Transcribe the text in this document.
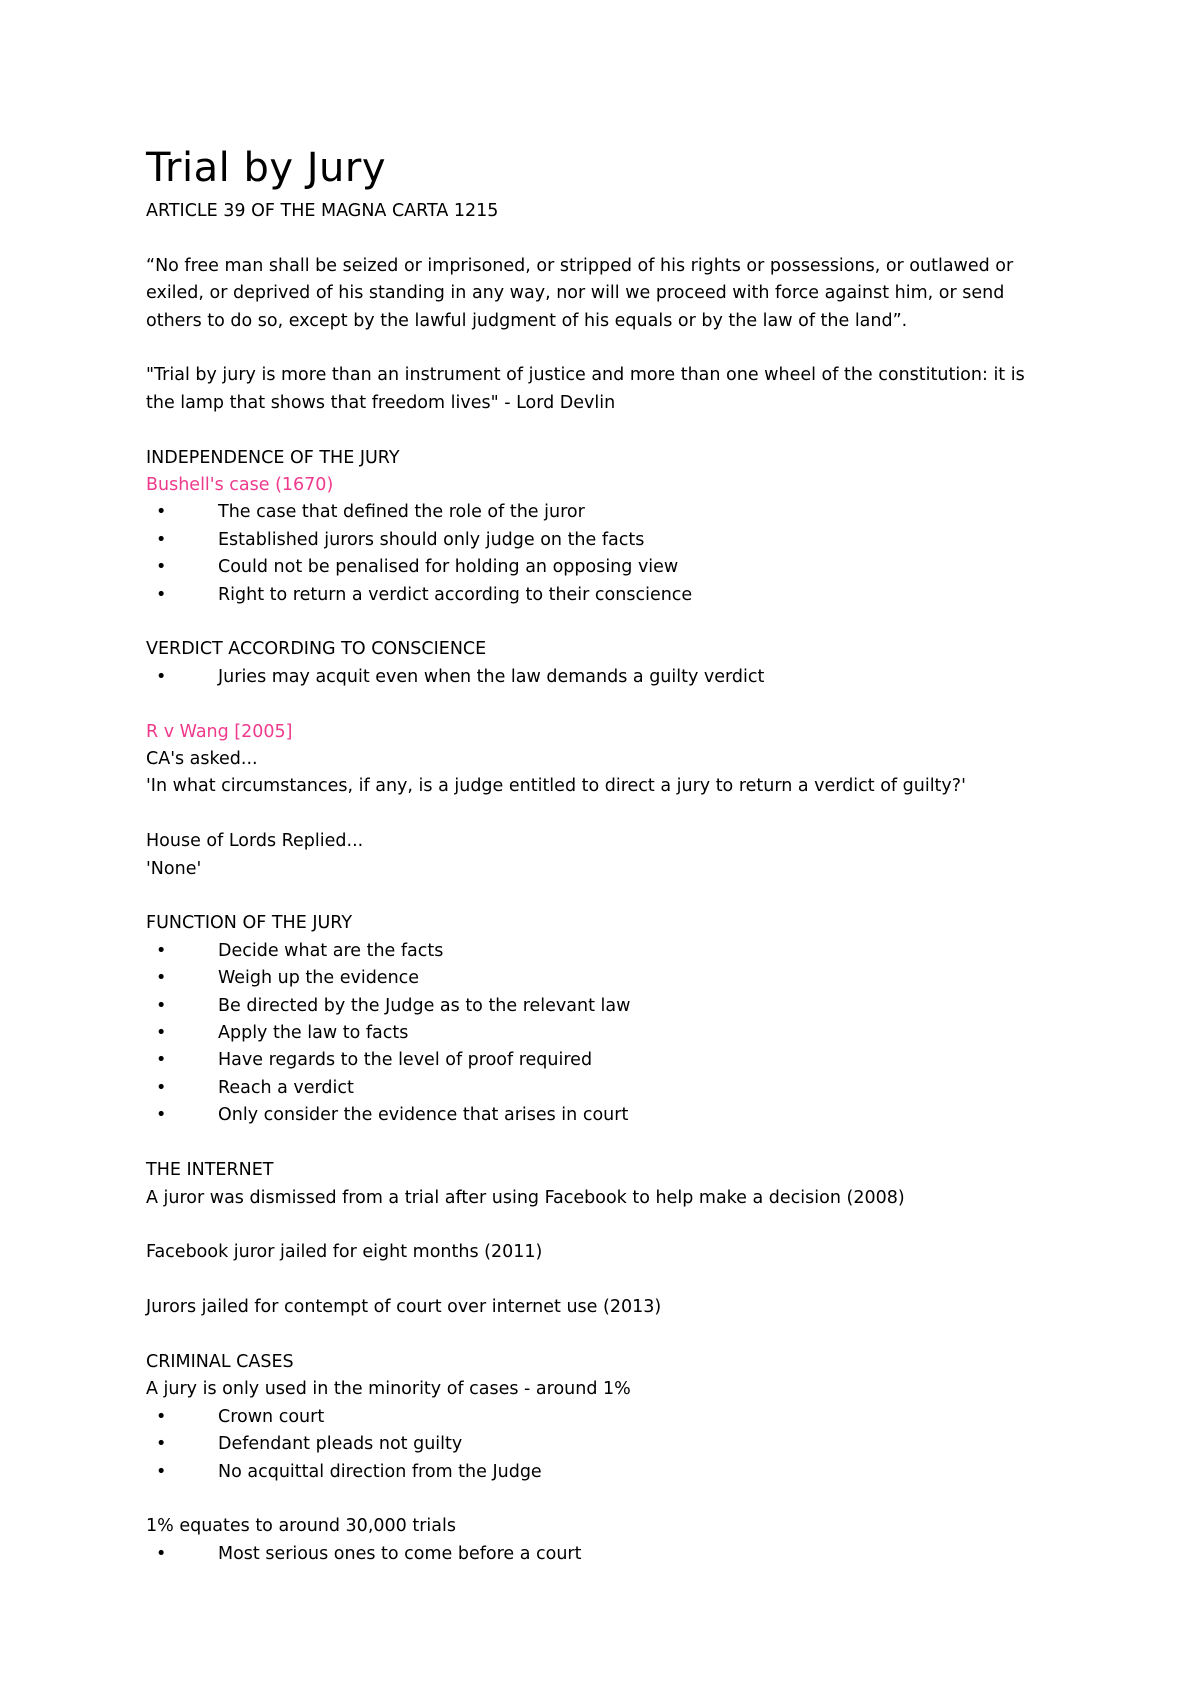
Trial by Jury

ARTICLE 39 OF THE MAGNA CARTA 1215

“No free man shall be seized or imprisoned, or stripped of his rights or possessions, or outlawed or

exiled, or deprived of his standing in any way, nor will we proceed with force against him, or send

others to do so, except by the lawful judgment of his equals or by the law of the land”.

"Trial by jury is more than an instrument of justice and more than one wheel of the constitution: it is

the lamp that shows that freedom lives" - Lord Devlin

INDEPENDENCE OF THE JURY

Bushell's case (1670)

•	The case that defined the role of the juror
•	Established jurors should only judge on the facts
•	Could not be penalised for holding an opposing view
•	Right to return a verdict according to their conscience

VERDICT ACCORDING TO CONSCIENCE

•	Juries may acquit even when the law demands a guilty verdict

R v Wang [2005]

CA's asked...

'In what circumstances, if any, is a judge entitled to direct a jury to return a verdict of guilty?'

House of Lords Replied...

'None'

FUNCTION OF THE JURY

•	Decide what are the facts
•	Weigh up the evidence
•	Be directed by the Judge as to the relevant law
•	Apply the law to facts
•	Have regards to the level of proof required
•	Reach a verdict
•	Only consider the evidence that arises in court

THE INTERNET

A juror was dismissed from a trial after using Facebook to help make a decision (2008)

Facebook juror jailed for eight months (2011)

Jurors jailed for contempt of court over internet use (2013)

CRIMINAL CASES

A jury is only used in the minority of cases - around 1%

•	Crown court
•	Defendant pleads not guilty
•	No acquittal direction from the Judge

1% equates to around 30,000 trials

•	Most serious ones to come before a court
